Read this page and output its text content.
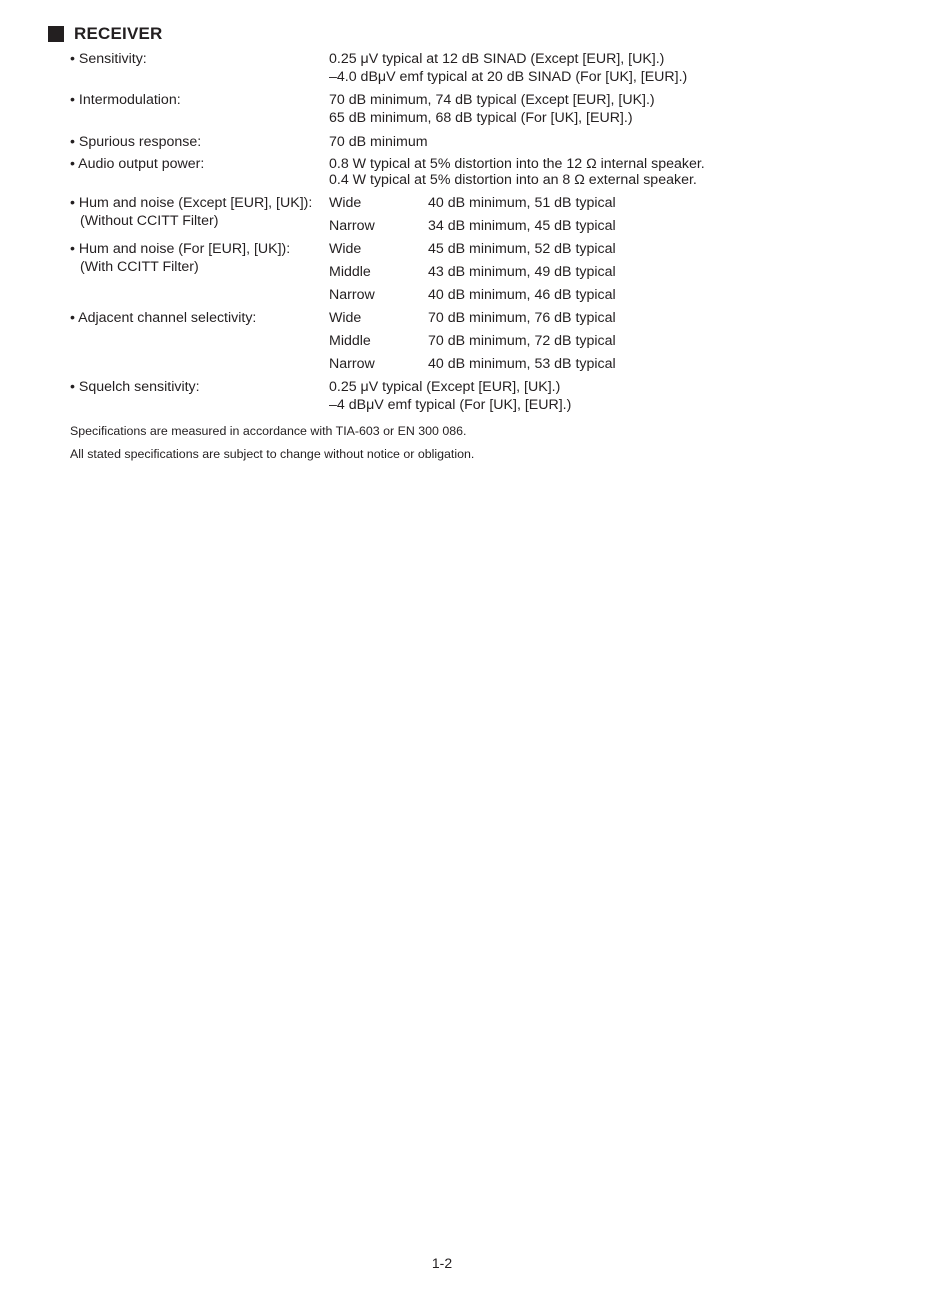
RECEIVER
• Sensitivity:	0.25 μV typical at 12 dB SINAD (Except [EUR], [UK].)
–4.0 dBμV emf typical at 20 dB SINAD (For [UK], [EUR].)
• Intermodulation:	70 dB minimum, 74 dB typical (Except [EUR], [UK].)
65 dB minimum, 68 dB typical (For [UK], [EUR].)
• Spurious response:	70 dB minimum
• Audio output power:	0.8 W typical at 5% distortion into the 12 Ω internal speaker.
0.4 W typical at 5% distortion into an 8 Ω external speaker.
• Hum and noise (Except [EUR], [UK]):
(Without CCITT Filter)
Wide	40 dB minimum, 51 dB typical
Narrow	34 dB minimum, 45 dB typical
• Hum and noise (For [EUR], [UK]):
(With CCITT Filter)
Wide	45 dB minimum, 52 dB typical
Middle	43 dB minimum, 49 dB typical
Narrow	40 dB minimum, 46 dB typical
• Adjacent channel selectivity:	Wide	70 dB minimum, 76 dB typical
Middle	70 dB minimum, 72 dB typical
Narrow	40 dB minimum, 53 dB typical
• Squelch sensitivity:	0.25 μV typical (Except [EUR], [UK].)
–4 dBμV emf typical (For [UK], [EUR].)
Specifications are measured in accordance with TIA-603 or EN 300 086.
All stated specifications are subject to change without notice or obligation.
1-2
